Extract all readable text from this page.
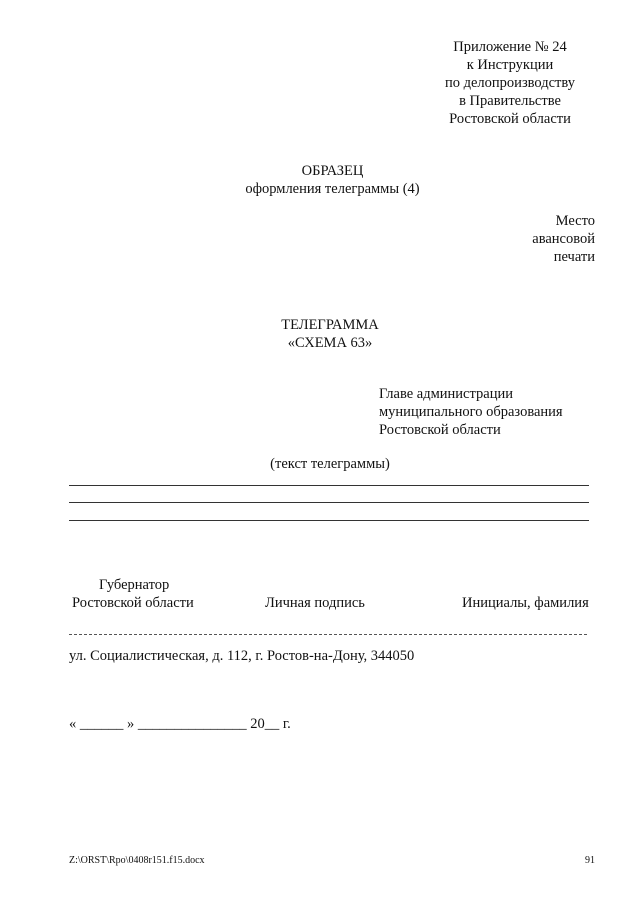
Приложение № 24
к Инструкции
по делопроизводству
в Правительстве
Ростовской области
ОБРАЗЕЦ
оформления телеграммы (4)
Место
авансовой
печати
ТЕЛЕГРАММА
«СХЕМА 63»
Главе администрации
муниципального образования
Ростовской области
(текст телеграммы)
Губернатор
Ростовской области	Личная подпись	Инициалы, фамилия
ул. Социалистическая, д. 112, г. Ростов-на-Дону, 344050
« ______ » _______________ 20__ г.
Z:\ORST\Rpo\0408r151.f15.docx	91
